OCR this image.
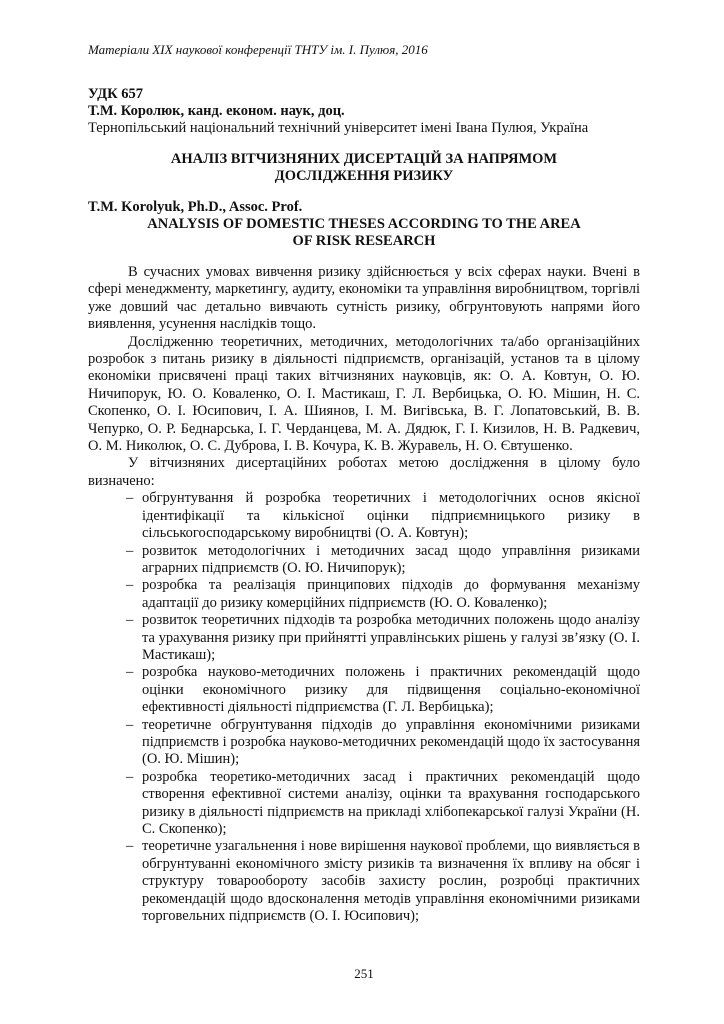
Матеріали XIX наукової конференції ТНТУ ім. І. Пулюя, 2016
УДК 657
Т.М. Королюк, канд. економ. наук, доц.
Тернопільський національний технічний університет імені Івана Пулюя, Україна
АНАЛІЗ ВІТЧИЗНЯНИХ ДИСЕРТАЦІЙ ЗА НАПРЯМОМ
ДОСЛІДЖЕННЯ РИЗИКУ
T.M. Korolyuk, Ph.D., Assoc. Prof.
ANALYSIS OF DOMESTIC THESES ACCORDING TO THE AREA
OF RISK RESEARCH

В сучасних умовах вивчення ризику здійснюється у всіх сферах науки. Вчені в сфері менеджменту, маркетингу, аудиту, економіки та управління виробництвом, торгівлі уже довший час детально вивчають сутність ризику, обгрунтовують напрями його виявлення, усунення наслідків тощо.

Дослідженню теоретичних, методичних, методологічних та/або організаційних розробок з питань ризику в діяльності підприємств, організацій, установ та в цілому економіки присвячені праці таких вітчизняних науковців, як: О. А. Ковтун, О. Ю. Ничипорук, Ю. О. Коваленко, О. І. Мастикаш, Г. Л. Вербицька, О. Ю. Мішин, Н. С. Скопенко, О. І. Юсипович, І. А. Шиянов, І. М. Вигівська, В. Г. Лопатовський, В. В. Чепурко, О. Р. Беднарська, І. Г. Черданцева, М. А. Дядюк, Г. І. Кизилов, Н. В. Радкевич, О. М. Николюк, О. С. Дуброва, І. В. Кочура, К. В. Журавель, Н. О. Євтушенко.

У вітчизняних дисертаційних роботах метою дослідження в цілому було визначено:

– обгрунтування й розробка теоретичних і методологічних основ якісної ідентифікації та кількісної оцінки підприємницького ризику в сільськогосподарському виробництві (О. А. Ковтун);
– розвиток методологічних і методичних засад щодо управління ризиками аграрних підприємств (О. Ю. Ничипорук);
– розробка та реалізація принципових підходів до формування механізму адаптації до ризику комерційних підприємств (Ю. О. Коваленко);
– розвиток теоретичних підходів та розробка методичних положень щодо аналізу та урахування ризику при прийнятті управлінських рішень у галузі зв’язку (О. І. Мастикаш);
– розробка науково-методичних положень і практичних рекомендацій щодо оцінки економічного ризику для підвищення соціально-економічної ефективності діяльності підприємства (Г. Л. Вербицька);
– теоретичне обгрунтування підходів до управління економічними ризиками підприємств і розробка науково-методичних рекомендацій щодо їх застосування (О. Ю. Мішин);
– розробка теоретико-методичних засад і практичних рекомендацій щодо створення ефективної системи аналізу, оцінки та врахування господарського ризику в діяльності підприємств на прикладі хлібопекарської галузі України (Н. С. Скопенко);
– теоретичне узагальнення і нове вирішення наукової проблеми, що виявляється в обгрунтуванні економічного змісту ризиків та визначення їх впливу на обсяг і структуру товарообороту засобів захисту рослин, розробці практичних рекомендацій щодо вдосконалення методів управління економічними ризиками торговельних підприємств (О. І. Юсипович);
251
